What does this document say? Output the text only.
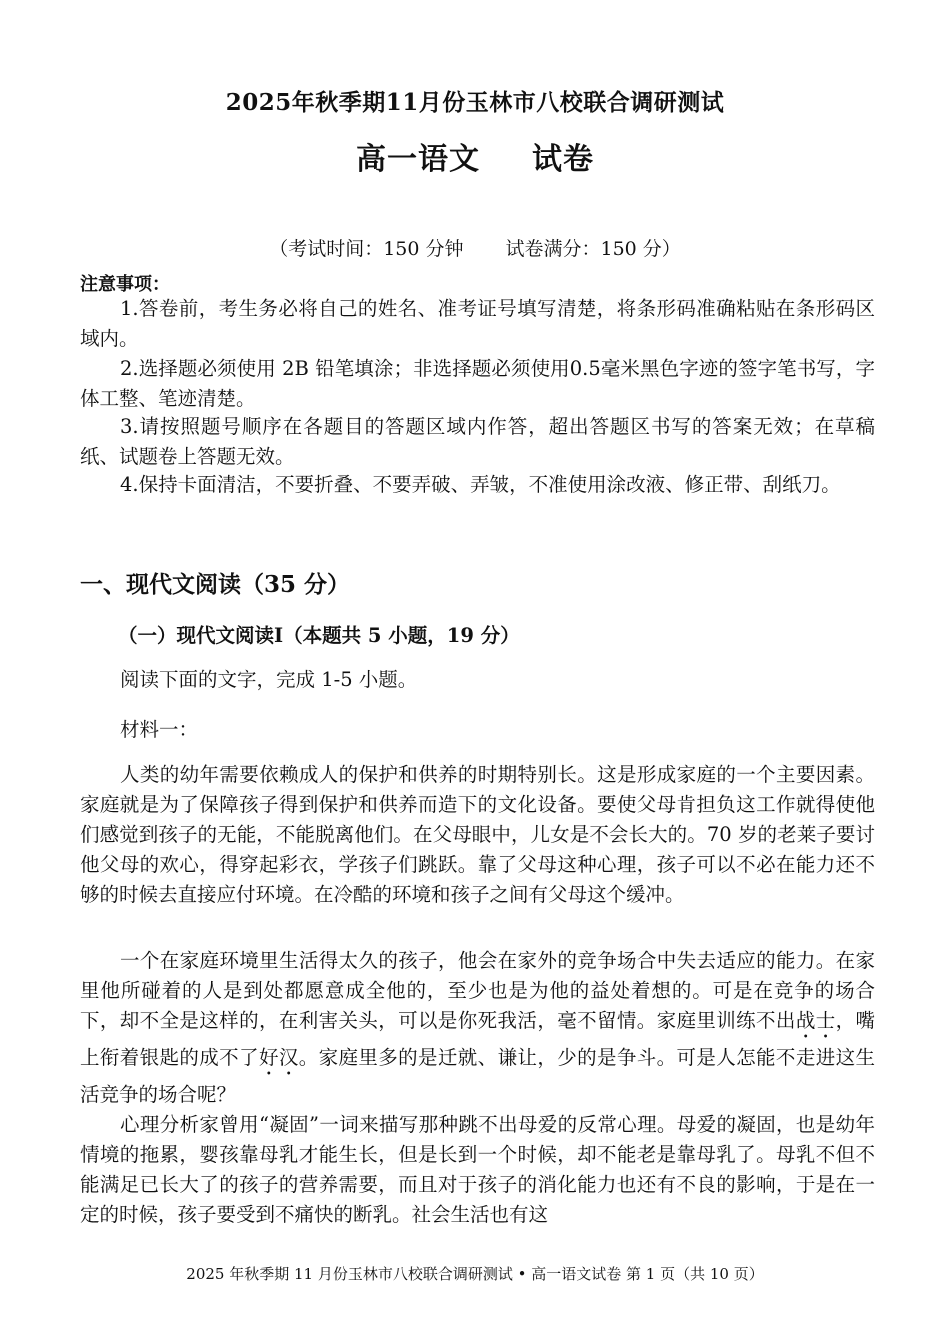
2025年秋季期11月份玉林市八校联合调研测试
高一语文 试卷
（考试时间：150 分钟 试卷满分：150 分）
注意事项：

1.答卷前，考生务必将自己的姓名、准考证号填写清楚，将条形码准确粘贴在条形码区域内。

2.选择题必须使用 2B 铅笔填涂；非选择题必须使用0.5毫米黑色字迹的签字笔书写，字体工整、笔迹清楚。

3.请按照题号顺序在各题目的答题区域内作答，超出答题区书写的答案无效；在草稿纸、试题卷上答题无效。

4.保持卡面清洁，不要折叠、不要弄破、弄皱，不准使用涂改液、修正带、刮纸刀。

一、现代文阅读（35 分）
（一）现代文阅读Ⅰ（本题共 5 小题，19 分）
阅读下面的文字，完成 1-5 小题。
材料一：

人类的幼年需要依赖成人的保护和供养的时期特别长。这是形成家庭的一个主要因素。家庭就是为了保障孩子得到保护和供养而造下的文化设备。要使父母肯担负这工作就得使他们感觉到孩子的无能，不能脱离他们。在父母眼中，儿女是不会长大的。70 岁的老莱子要讨他父母的欢心，得穿起彩衣，学孩子们跳跃。靠了父母这种心理，孩子可以不必在能力还不够的时候去直接应付环境。在冷酷的环境和孩子之间有父母这个缓冲。

一个在家庭环境里生活得太久的孩子，他会在家外的竞争场合中失去适应的能力。在家里他所碰着的人是到处都愿意成全他的，至少也是为他的益处着想的。可是在竞争的场合下，却不全是这样的，在利害关头，可以是你死我活，毫不留情。家庭里训练不出战士，嘴上衔着银匙的成不了好汉。家庭里多的是迁就、谦让，少的是争斗。可是人怎能不走进这生活竞争的场合呢？

心理分析家曾用“凝固”一词来描写那种跳不出母爱的反常心理。母爱的凝固，也是幼年情境的拖累，婴孩靠母乳才能生长，但是长到一个时候，却不能老是靠母乳了。母乳不但不能满足已长大了的孩子的营养需要，而且对于孩子的消化能力也还有不良的影响，于是在一定的时候，孩子要受到不痛快的断乳。社会生活也有这

2025 年秋季期 11 月份玉林市八校联合调研测试 • 高一语文试卷 第 1 页（共 10 页）
